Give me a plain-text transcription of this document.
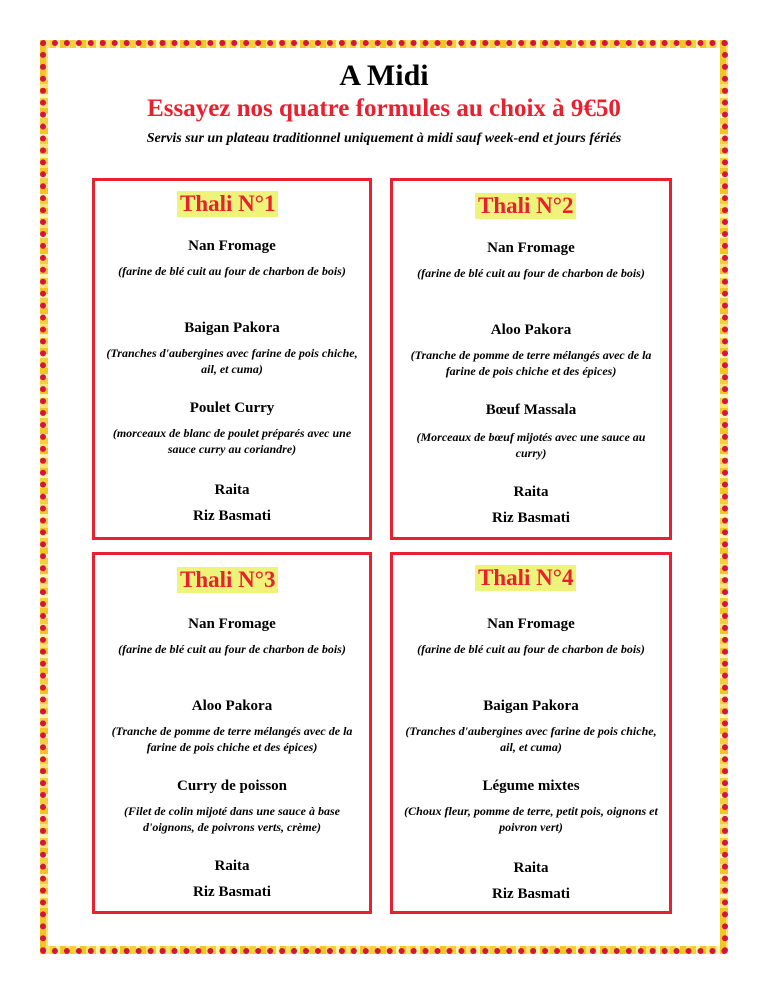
A Midi
Essayez nos quatre formules au choix à 9€50
Servis sur un plateau traditionnel uniquement à midi sauf week-end et jours fériés
Thali N°1
Nan Fromage
(farine de blé cuit au four de charbon de bois)
Baigan Pakora
(Tranches d'aubergines avec farine de pois chiche, ail, et cuma)
Poulet Curry
(morceaux de blanc de poulet préparés avec une sauce curry au coriandre)
Raita
Riz Basmati
Thali N°2
Nan Fromage
(farine de blé cuit au four de charbon de bois)
Aloo Pakora
(Tranche de pomme de terre mélangés avec de la farine de pois chiche et des épices)
Bœuf Massala
(Morceaux de bœuf mijotés avec une sauce au curry)
Raita
Riz Basmati
Thali N°3
Nan Fromage
(farine de blé cuit au four de charbon de bois)
Aloo Pakora
(Tranche de pomme de terre mélangés avec de la farine de pois chiche et des épices)
Curry de poisson
(Filet de colin mijoté dans une sauce à base d'oignons, de poivrons verts, crème)
Raita
Riz Basmati
Thali N°4
Nan Fromage
(farine de blé cuit au four de charbon de bois)
Baigan Pakora
(Tranches d'aubergines avec farine de pois chiche, ail, et cuma)
Légume mixtes
(Choux fleur, pomme de terre, petit pois, oignons et poivron vert)
Raita
Riz Basmati
